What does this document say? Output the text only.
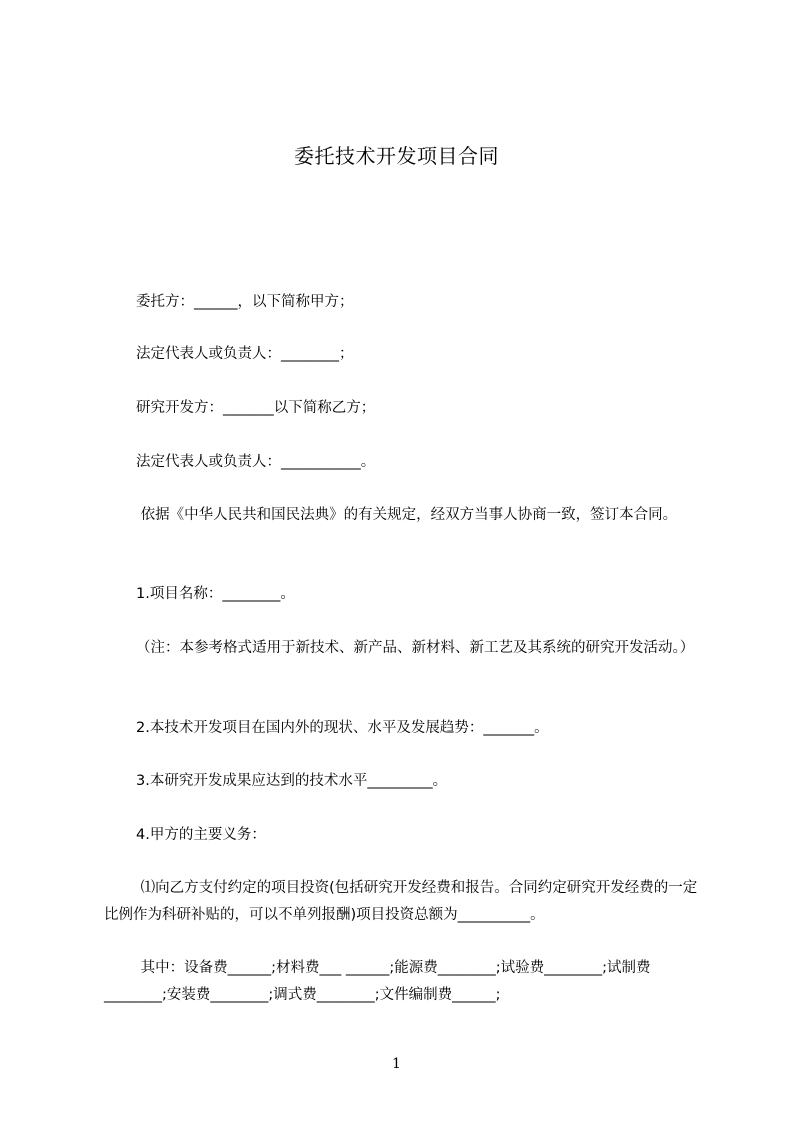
委托技术开发项目合同
委托方：______，以下简称甲方；
法定代表人或负责人：________；
研究开发方：_______以下简称乙方；
法定代表人或负责人：___________。
依据《中华人民共和国民法典》的有关规定，经双方当事人协商一致，签订本合同。
1.项目名称：________。
（注：本参考格式适用于新技术、新产品、新材料、新工艺及其系统的研究开发活动。）
2.本技术开发项目在国内外的现状、水平及发展趋势：_______。
3.本研究开发成果应达到的技术水平_________。
4.甲方的主要义务：
⑴向乙方支付约定的项目投资(包括研究开发经费和报告。合同约定研究开发经费的一定比例作为科研补贴的，可以不单列报酬)项目投资总额为__________。
其中：设备费______;材料费___ ______;能源费________;试验费________;试制费________;安装费________;调式费________;文件编制费______;
1
